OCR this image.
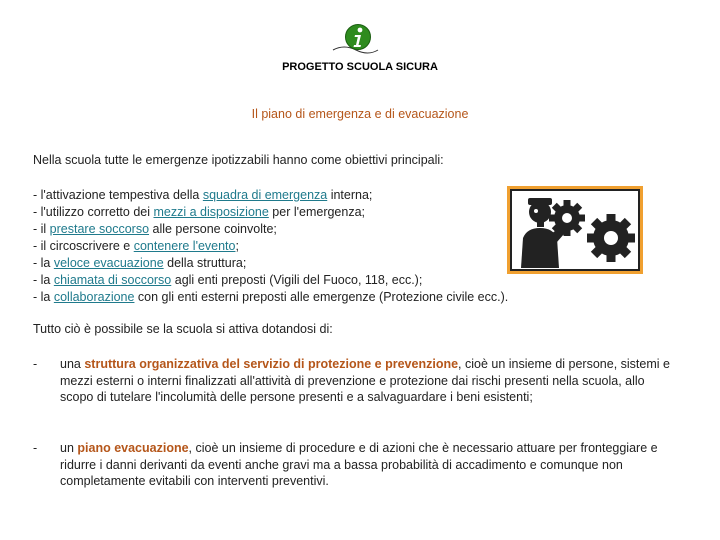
PROGETTO SCUOLA SICURA
Il piano di emergenza e di evacuazione
Nella scuola tutte le emergenze ipotizzabili hanno come obiettivi principali:
- l'attivazione tempestiva della squadra di emergenza interna;
- l'utilizzo corretto dei mezzi a disposizione per l'emergenza;
- il prestare soccorso alle persone coinvolte;
- il circoscrivere e contenere l'evento;
- la veloce evacuazione della struttura;
- la chiamata di soccorso agli enti preposti (Vigili del Fuoco, 118, ecc.);
- la collaborazione con gli enti esterni preposti alle emergenze (Protezione civile ecc.).
Tutto ciò è possibile se la scuola si attiva dotandosi di:
- una struttura organizzativa del servizio di protezione e prevenzione, cioè un insieme di persone, sistemi e mezzi esterni o interni finalizzati all'attività di prevenzione e protezione dai rischi presenti nella scuola, allo scopo di tutelare l'incolumità delle persone presenti e a salvaguardare i beni esistenti;
- un piano evacuazione, cioè un insieme di procedure e di azioni che è necessario attuare per fronteggiare e ridurre i danni derivanti da eventi anche gravi ma a bassa probabilità di accadimento e comunque non completamente evitabili con interventi preventivi.
